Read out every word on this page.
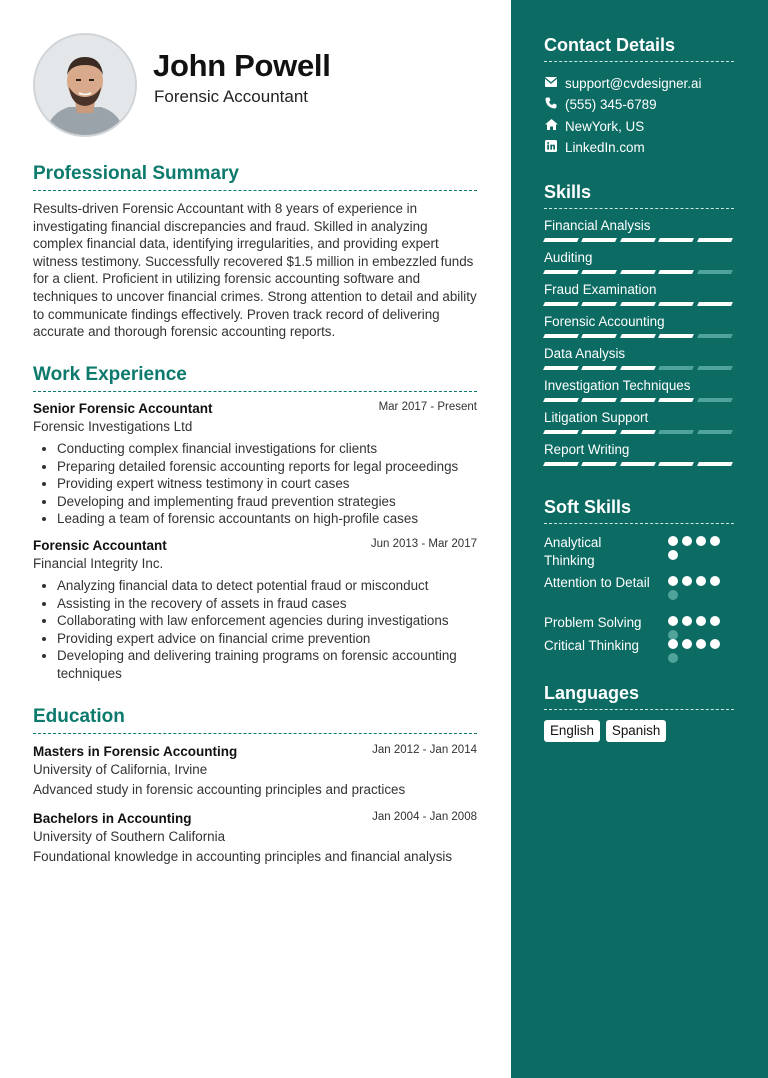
John Powell
Forensic Accountant
Professional Summary
Results-driven Forensic Accountant with 8 years of experience in investigating financial discrepancies and fraud. Skilled in analyzing complex financial data, identifying irregularities, and providing expert witness testimony. Successfully recovered $1.5 million in embezzled funds for a client. Proficient in utilizing forensic accounting software and techniques to uncover financial crimes. Strong attention to detail and ability to communicate findings effectively. Proven track record of delivering accurate and thorough forensic accounting reports.
Work Experience
Senior Forensic Accountant	Mar 2017 - Present
Forensic Investigations Ltd
• Conducting complex financial investigations for clients
• Preparing detailed forensic accounting reports for legal proceedings
• Providing expert witness testimony in court cases
• Developing and implementing fraud prevention strategies
• Leading a team of forensic accountants on high-profile cases
Forensic Accountant	Jun 2013 - Mar 2017
Financial Integrity Inc.
• Analyzing financial data to detect potential fraud or misconduct
• Assisting in the recovery of assets in fraud cases
• Collaborating with law enforcement agencies during investigations
• Providing expert advice on financial crime prevention
• Developing and delivering training programs on forensic accounting techniques
Education
Masters in Forensic Accounting	Jan 2012 - Jan 2014
University of California, Irvine
Advanced study in forensic accounting principles and practices
Bachelors in Accounting	Jan 2004 - Jan 2008
University of Southern California
Foundational knowledge in accounting principles and financial analysis
Contact Details
support@cvdesigner.ai
(555) 345-6789
NewYork, US
LinkedIn.com
Skills
Financial Analysis
Auditing
Fraud Examination
Forensic Accounting
Data Analysis
Investigation Techniques
Litigation Support
Report Writing
Soft Skills
Analytical Thinking
Attention to Detail
Problem Solving
Critical Thinking
Languages
English	Spanish
